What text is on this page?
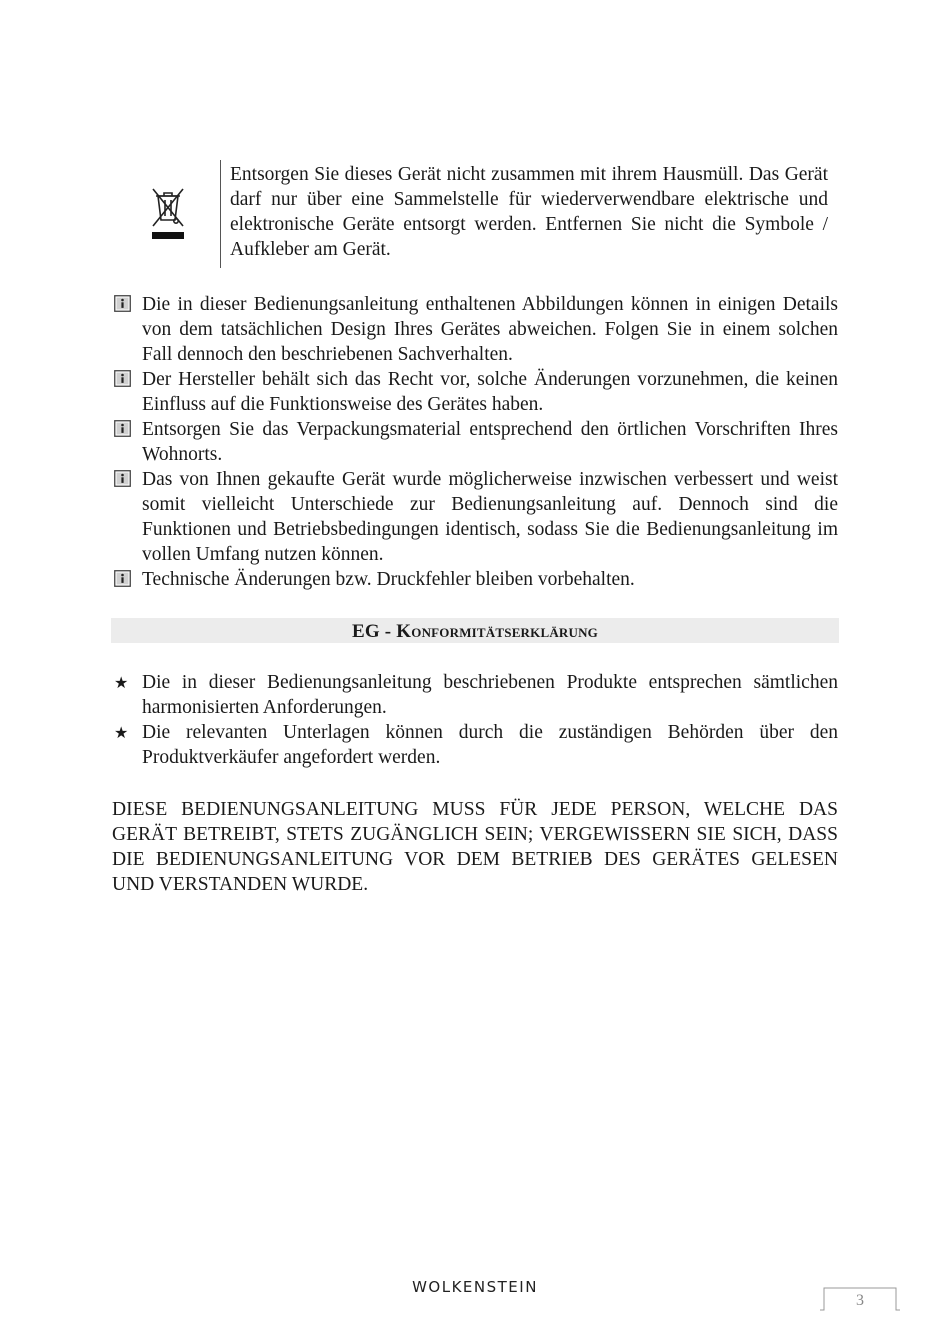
Entsorgen Sie dieses Gerät nicht zusammen mit ihrem Hausmüll. Das Gerät darf nur über eine Sammelstelle für wiederverwendbare elektrische und elektronische Geräte entsorgt werden. Entfernen Sie nicht die Symbole / Aufkleber am Gerät.

Die in dieser Bedienungsanleitung enthaltenen Abbildungen können in einigen Details von dem tatsächlichen Design Ihres Gerätes abweichen. Folgen Sie in einem solchen Fall dennoch den beschriebenen Sachverhalten.
Der Hersteller behält sich das Recht vor, solche Änderungen vorzunehmen, die keinen Einfluss auf die Funktionsweise des Gerätes haben.
Entsorgen Sie das Verpackungsmaterial entsprechend den örtlichen Vorschriften Ihres Wohnorts.
Das von Ihnen gekaufte Gerät wurde möglicherweise inzwischen verbessert und weist somit vielleicht Unterschiede zur Bedienungsanleitung auf. Dennoch sind die Funktionen und Betriebsbedingungen identisch, sodass Sie die Bedienungsanleitung im vollen Umfang nutzen können.
Technische Änderungen bzw. Druckfehler bleiben vorbehalten.
EG - Konformitätserklärung
★ Die in dieser Bedienungsanleitung beschriebenen Produkte entsprechen sämtlichen harmonisierten Anforderungen.
★ Die relevanten Unterlagen können durch die zuständigen Behörden über den Produktverkäufer angefordert werden.

DIESE BEDIENUNGSANLEITUNG MUSS FÜR JEDE PERSON, WELCHE DAS GERÄT BETREIBT, STETS ZUGÄNGLICH SEIN; VERGEWISSERN SIE SICH, DASS DIE BEDIENUNGSANLEITUNG VOR DEM BETRIEB DES GERÄTES GELESEN UND VERSTANDEN WURDE.

WOLKENSTEIN
3
